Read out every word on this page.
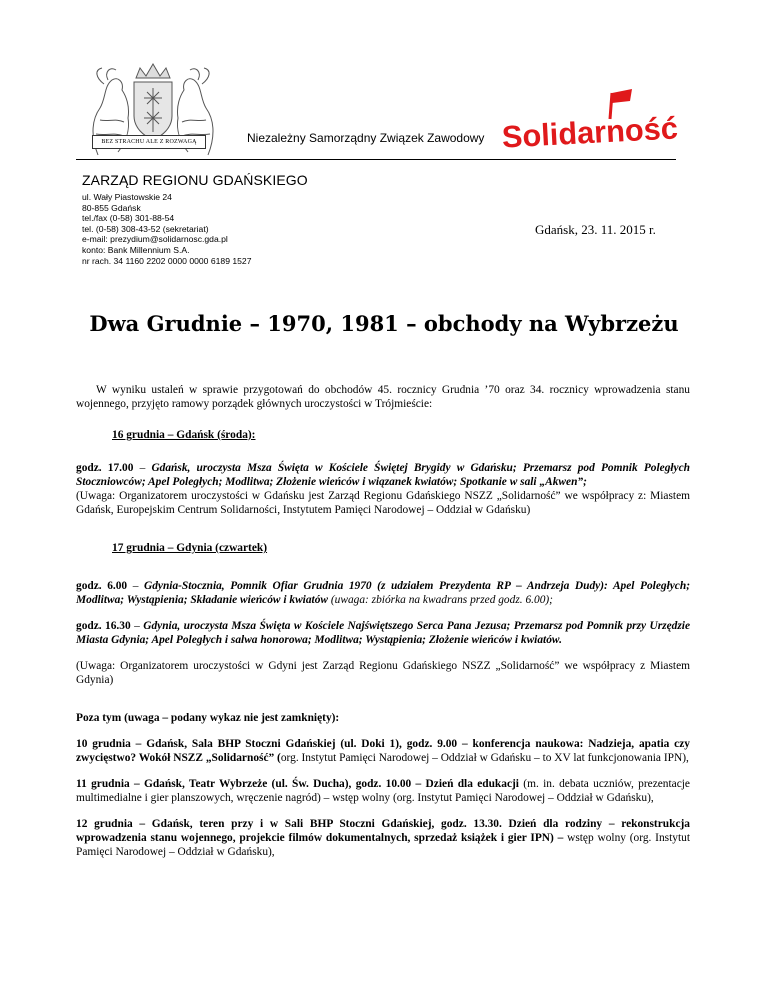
BEZ STRACHU ALE Z ROZWAGĄ	Niezależny Samorządny Związek Zawodowy Solidarność
ZARZĄD REGIONU GDAŃSKIEGO
ul. Wały Piastowskie 24
80-855 Gdańsk
tel./fax (0-58) 301-88-54
tel. (0-58) 308-43-52 (sekretariat)
e-mail: prezydium@solidarnosc.gda.pl
konto: Bank Millennium S.A.
nr rach. 34 1160 2202 0000 0000 6189 1527
Gdańsk, 23. 11. 2015 r.
Dwa Grudnie – 1970, 1981 – obchody na Wybrzeżu

W wyniku ustaleń w sprawie przygotowań do obchodów 45. rocznicy Grudnia ’70 oraz 34. rocznicy wprowadzenia stanu wojennego, przyjęto ramowy porządek głównych uroczystości w Trójmieście:

16 grudnia – Gdańsk (środa):

godz. 17.00 – Gdańsk, uroczysta Msza Święta w Kościele Świętej Brygidy w Gdańsku; Przemarsz pod Pomnik Poległych Stoczniowców; Apel Poległych; Modlitwa; Złożenie wieńców i wiązanek kwiatów; Spotkanie w sali „Akwen”;

(Uwaga: Organizatorem uroczystości w Gdańsku jest Zarząd Regionu Gdańskiego NSZZ „Solidarność” we współpracy z: Miastem Gdańsk, Europejskim Centrum Solidarności, Instytutem Pamięci Narodowej – Oddział w Gdańsku)

17 grudnia – Gdynia (czwartek)

godz. 6.00 – Gdynia-Stocznia, Pomnik Ofiar Grudnia 1970 (z udziałem Prezydenta RP – Andrzeja Dudy): Apel Poległych; Modlitwa; Wystąpienia; Składanie wieńców i kwiatów (uwaga: zbiórka na kwadrans przed godz. 6.00);

godz. 16.30 – Gdynia, uroczysta Msza Święta w Kościele Najświętszego Serca Pana Jezusa; Przemarsz pod Pomnik przy Urzędzie Miasta Gdynia; Apel Poległych i salwa honorowa; Modlitwa; Wystąpienia; Złożenie wieńców i kwiatów.

(Uwaga: Organizatorem uroczystości w Gdyni jest Zarząd Regionu Gdańskiego NSZZ „Solidarność” we współpracy z Miastem Gdynia)

Poza tym (uwaga – podany wykaz nie jest zamknięty):

10 grudnia – Gdańsk, Sala BHP Stoczni Gdańskiej (ul. Doki 1), godz. 9.00 – konferencja naukowa: Nadzieja, apatia czy zwycięstwo? Wokół NSZZ „Solidarność” (org. Instytut Pamięci Narodowej – Oddział w Gdańsku – to XV lat funkcjonowania IPN),

11 grudnia – Gdańsk, Teatr Wybrzeże (ul. Św. Ducha), godz. 10.00 – Dzień dla edukacji (m. in. debata uczniów, prezentacje multimedialne i gier planszowych, wręczenie nagród) – wstęp wolny (org. Instytut Pamięci Narodowej – Oddział w Gdańsku),

12 grudnia – Gdańsk, teren przy i w Sali BHP Stoczni Gdańskiej, godz. 13.30. Dzień dla rodziny – rekonstrukcja wprowadzenia stanu wojennego, projekcie filmów dokumentalnych, sprzedaż książek i gier IPN) – wstęp wolny (org. Instytut Pamięci Narodowej – Oddział w Gdańsku),
